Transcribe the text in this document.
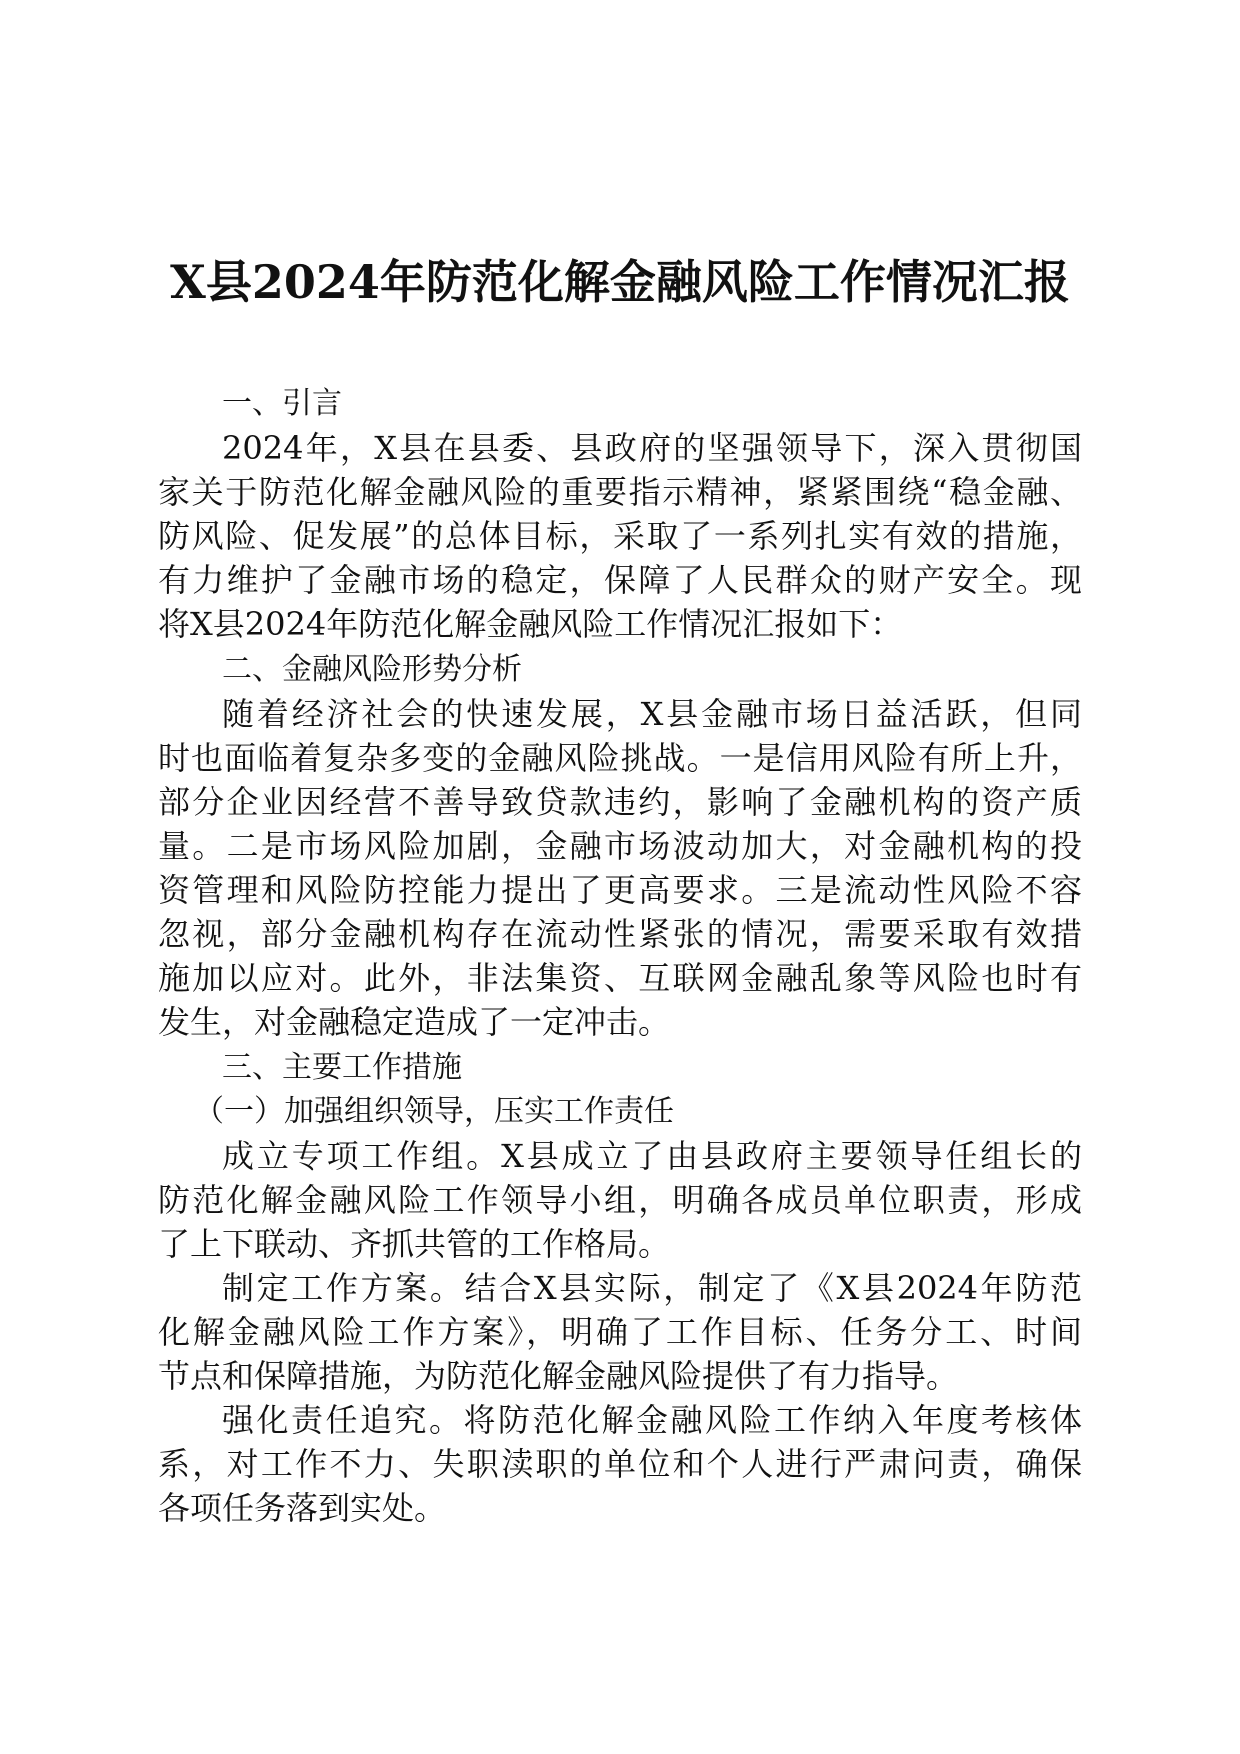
X县2024年防范化解金融风险工作情况汇报
一、引言
2024年，X县在县委、县政府的坚强领导下，深入贯彻国
家关于防范化解金融风险的重要指示精神，紧紧围绕“稳金融、
防风险、促发展”的总体目标，采取了一系列扎实有效的措施，
有力维护了金融市场的稳定，保障了人民群众的财产安全。现
将X县2024年防范化解金融风险工作情况汇报如下：
二、金融风险形势分析
随着经济社会的快速发展，X县金融市场日益活跃，但同
时也面临着复杂多变的金融风险挑战。一是信用风险有所上升，
部分企业因经营不善导致贷款违约，影响了金融机构的资产质
量。二是市场风险加剧，金融市场波动加大，对金融机构的投
资管理和风险防控能力提出了更高要求。三是流动性风险不容
忽视，部分金融机构存在流动性紧张的情况，需要采取有效措
施加以应对。此外，非法集资、互联网金融乱象等风险也时有
发生，对金融稳定造成了一定冲击。
三、主要工作措施
（一）加强组织领导，压实工作责任
成立专项工作组。X县成立了由县政府主要领导任组长的
防范化解金融风险工作领导小组，明确各成员单位职责，形成
了上下联动、齐抓共管的工作格局。
制定工作方案。结合X县实际，制定了《X县2024年防范
化解金融风险工作方案》，明确了工作目标、任务分工、时间
节点和保障措施，为防范化解金融风险提供了有力指导。
强化责任追究。将防范化解金融风险工作纳入年度考核体
系，对工作不力、失职渎职的单位和个人进行严肃问责，确保
各项任务落到实处。
